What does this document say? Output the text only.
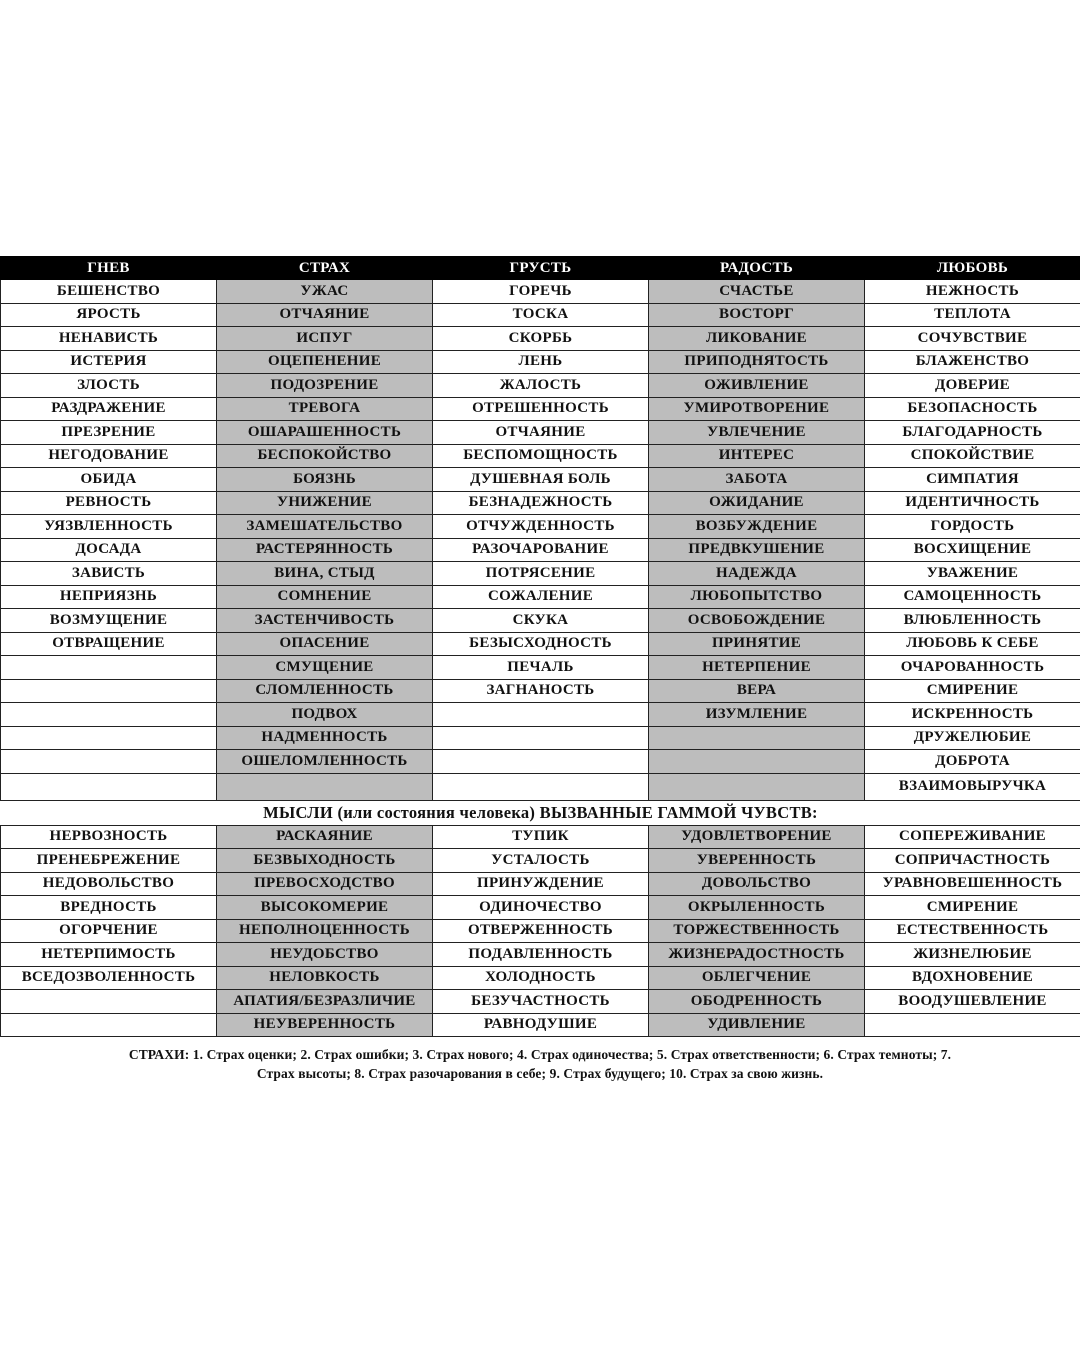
ГНЕВ	СТРАХ	ГРУСТЬ	РАДОСТЬ	ЛЮБОВЬ
БЕШЕНСТВО	УЖАС	ГОРЕЧЬ	СЧАСТЬЕ	НЕЖНОСТЬ
ЯРОСТЬ	ОТЧАЯНИЕ	ТОСКА	ВОСТОРГ	ТЕПЛОТА
НЕНАВИСТЬ	ИСПУГ	СКОРБЬ	ЛИКОВАНИЕ	СОЧУВСТВИЕ
ИСТЕРИЯ	ОЦЕПЕНЕНИЕ	ЛЕНЬ	ПРИПОДНЯТОСТЬ	БЛАЖЕНСТВО
ЗЛОСТЬ	ПОДОЗРЕНИЕ	ЖАЛОСТЬ	ОЖИВЛЕНИЕ	ДОВЕРИЕ
РАЗДРАЖЕНИЕ	ТРЕВОГА	ОТРЕШЕННОСТЬ	УМИРОТВОРЕНИЕ	БЕЗОПАСНОСТЬ
ПРЕЗРЕНИЕ	ОШАРАШЕННОСТЬ	ОТЧАЯНИЕ	УВЛЕЧЕНИЕ	БЛАГОДАРНОСТЬ
НЕГОДОВАНИЕ	БЕСПОКОЙСТВО	БЕСПОМОЩНОСТЬ	ИНТЕРЕС	СПОКОЙСТВИЕ
ОБИДА	БОЯЗНЬ	ДУШЕВНАЯ БОЛЬ	ЗАБОТА	СИМПАТИЯ
РЕВНОСТЬ	УНИЖЕНИЕ	БЕЗНАДЕЖНОСТЬ	ОЖИДАНИЕ	ИДЕНТИЧНОСТЬ
УЯЗВЛЕННОСТЬ	ЗАМЕШАТЕЛЬСТВО	ОТЧУЖДЕННОСТЬ	ВОЗБУЖДЕНИЕ	ГОРДОСТЬ
ДОСАДА	РАСТЕРЯННОСТЬ	РАЗОЧАРОВАНИЕ	ПРЕДВКУШЕНИЕ	ВОСХИЩЕНИЕ
ЗАВИСТЬ	ВИНА, СТЫД	ПОТРЯСЕНИЕ	НАДЕЖДА	УВАЖЕНИЕ
НЕПРИЯЗНЬ	СОМНЕНИЕ	СОЖАЛЕНИЕ	ЛЮБОПЫТСТВО	САМОЦЕННОСТЬ
ВОЗМУЩЕНИЕ	ЗАСТЕНЧИВОСТЬ	СКУКА	ОСВОБОЖДЕНИЕ	ВЛЮБЛЕННОСТЬ
ОТВРАЩЕНИЕ	ОПАСЕНИЕ	БЕЗЫСХОДНОСТЬ	ПРИНЯТИЕ	ЛЮБОВЬ К СЕБЕ
	СМУЩЕНИЕ	ПЕЧАЛЬ	НЕТЕРПЕНИЕ	ОЧАРОВАННОСТЬ
	СЛОМЛЕННОСТЬ	ЗАГНАНОСТЬ	ВЕРА	СМИРЕНИЕ
	ПОДВОХ		ИЗУМЛЕНИЕ	ИСКРЕННОСТЬ
	НАДМЕННОСТЬ			ДРУЖЕЛЮБИЕ
	ОШЕЛОМЛЕННОСТЬ			ДОБРОТА
				ВЗАИМОВЫРУЧКА
МЫСЛИ (или состояния человека) ВЫЗВАННЫЕ ГАММОЙ ЧУВСТВ:				
НЕРВОЗНОСТЬ	РАСКАЯНИЕ	ТУПИК	УДОВЛЕТВОРЕНИЕ	СОПЕРЕЖИВАНИЕ
ПРЕНЕБРЕЖЕНИЕ	БЕЗВЫХОДНОСТЬ	УСТАЛОСТЬ	УВЕРЕННОСТЬ	СОПРИЧАСТНОСТЬ
НЕДОВОЛЬСТВО	ПРЕВОСХОДСТВО	ПРИНУЖДЕНИЕ	ДОВОЛЬСТВО	УРАВНОВЕШЕННОСТЬ
ВРЕДНОСТЬ	ВЫСОКОМЕРИЕ	ОДИНОЧЕСТВО	ОКРЫЛЕННОСТЬ	СМИРЕНИЕ
ОГОРЧЕНИЕ	НЕПОЛНОЦЕННОСТЬ	ОТВЕРЖЕННОСТЬ	ТОРЖЕСТВЕННОСТЬ	ЕСТЕСТВЕННОСТЬ
НЕТЕРПИМОСТЬ	НЕУДОБСТВО	ПОДАВЛЕННОСТЬ	ЖИЗНЕРАДОСТНОСТЬ	ЖИЗНЕЛЮБИЕ
ВСЕДОЗВОЛЕННОСТЬ	НЕЛОВКОСТЬ	ХОЛОДНОСТЬ	ОБЛЕГЧЕНИЕ	ВДОХНОВЕНИЕ
	АПАТИЯ/БЕЗРАЗЛИЧИЕ	БЕЗУЧАСТНОСТЬ	ОБОДРЕННОСТЬ	ВООДУШЕВЛЕНИЕ
	НЕУВЕРЕННОСТЬ	РАВНОДУШИЕ	УДИВЛЕНИЕ	
СТРАХИ: 1. Страх оценки; 2. Страх ошибки; 3. Страх нового; 4. Страх одиночества; 5. Страх ответственности; 6. Страх темноты; 7.
Страх высоты; 8. Страх разочарования в себе; 9. Страх будущего; 10. Страх за свою жизнь.
